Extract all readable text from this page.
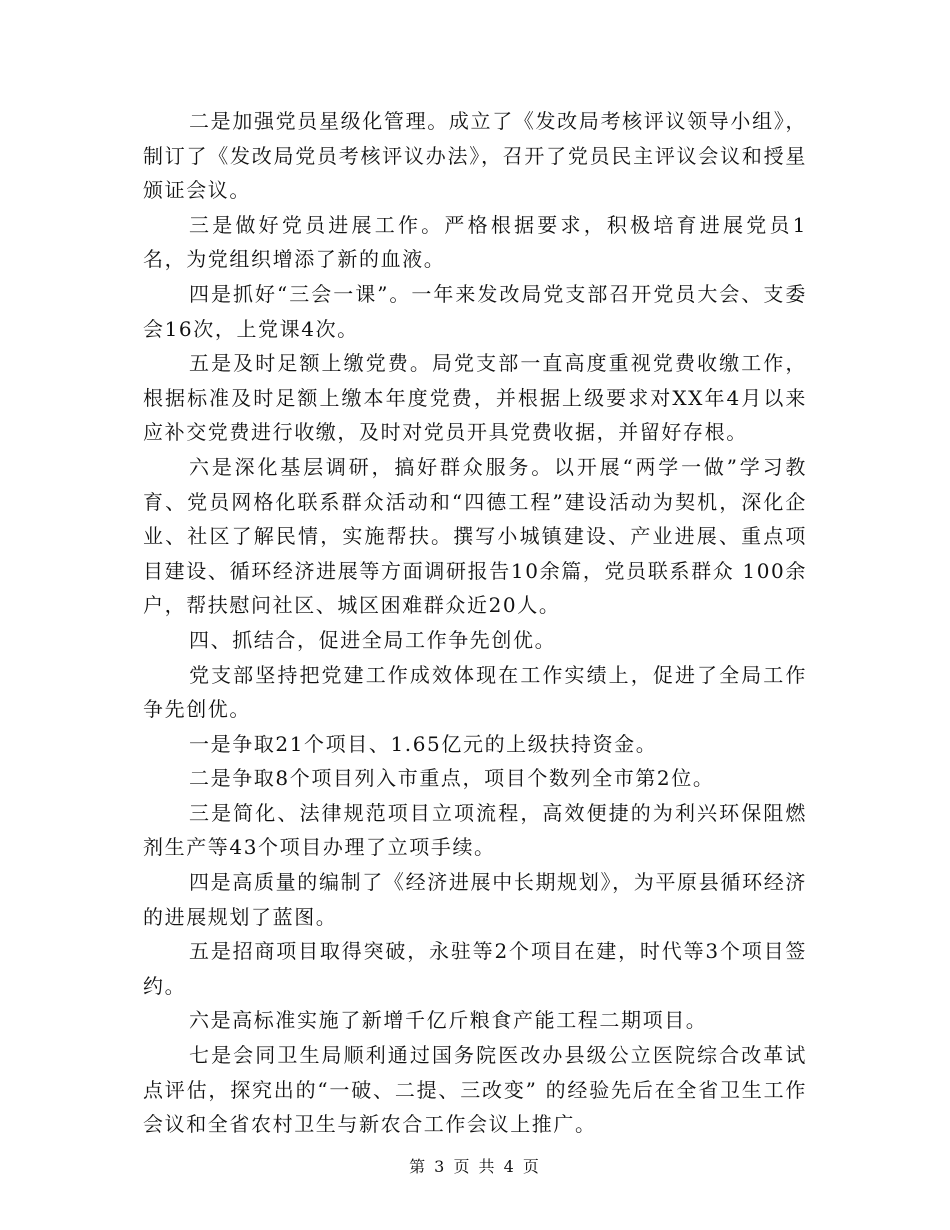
二是加强党员星级化管理。成立了《发改局考核评议领导小组》，制订了《发改局党员考核评议办法》，召开了党员民主评议会议和授星颁证会议。

三是做好党员进展工作。严格根据要求，积极培育进展党员1名，为党组织增添了新的血液。

四是抓好“三会一课”。一年来发改局党支部召开党员大会、支委会16次，上党课4次。

五是及时足额上缴党费。局党支部一直高度重视党费收缴工作，根据标准及时足额上缴本年度党费，并根据上级要求对XX年4月以来应补交党费进行收缴，及时对党员开具党费收据，并留好存根。

六是深化基层调研，搞好群众服务。以开展“两学一做”学习教育、党员网格化联系群众活动和“四德工程”建设活动为契机，深化企业、社区了解民情，实施帮扶。撰写小城镇建设、产业进展、重点项目建设、循环经济进展等方面调研报告10余篇，党员联系群众 100余户，帮扶慰问社区、城区困难群众近20人。

四、抓结合，促进全局工作争先创优。

党支部坚持把党建工作成效体现在工作实绩上，促进了全局工作争先创优。

一是争取21个项目、1.65亿元的上级扶持资金。

二是争取8个项目列入市重点，项目个数列全市第2位。

三是简化、法律规范项目立项流程，高效便捷的为利兴环保阻燃剂生产等43个项目办理了立项手续。

四是高质量的编制了《经济进展中长期规划》，为平原县循环经济的进展规划了蓝图。

五是招商项目取得突破，永驻等2个项目在建，时代等3个项目签约。

六是高标准实施了新增千亿斤粮食产能工程二期项目。

七是会同卫生局顺利通过国务院医改办县级公立医院综合改革试点评估，探究出的“一破、二提、三改变” 的经验先后在全省卫生工作会议和全省农村卫生与新农合工作会议上推广。

第 3 页 共 4 页
